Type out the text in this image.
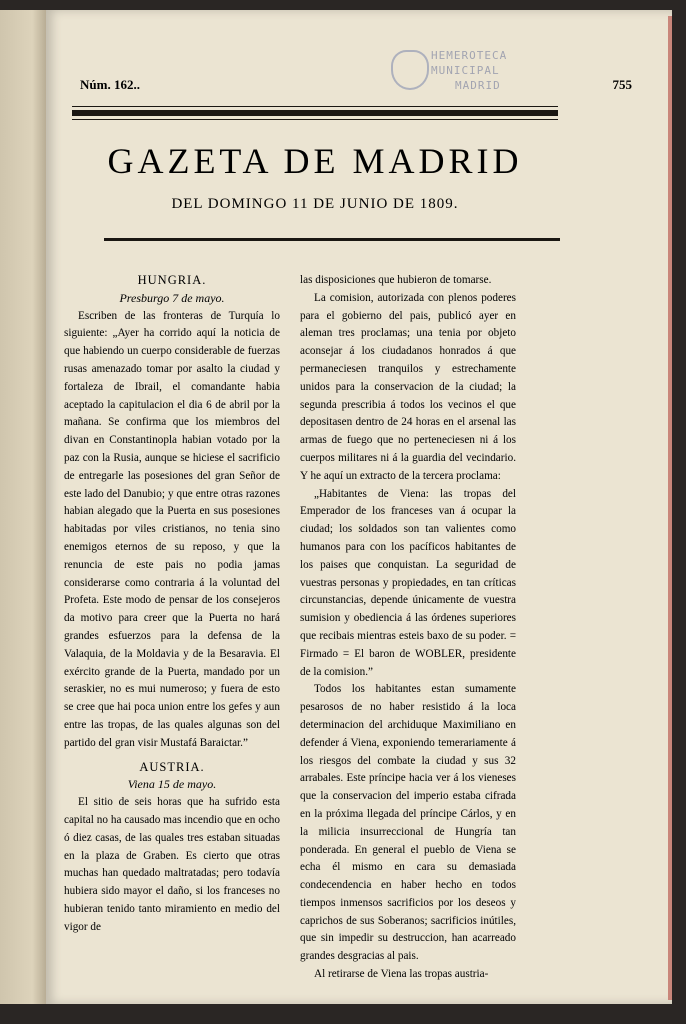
HEMEROTECA
MUNICIPAL
MADRID
Núm. 162..	755
GAZETA DE MADRID
DEL DOMINGO 11 DE JUNIO DE 1809.

HUNGRIA.

Presburgo 7 de mayo.

Escriben de las fronteras de Turquía lo siguiente: „Ayer ha corrido aquí la noticia de que habiendo un cuerpo considerable de fuerzas rusas amenazado tomar por asalto la ciudad y fortaleza de Ibrail, el comandante habia aceptado la capitulacion el dia 6 de abril por la mañana. Se confirma que los miembros del divan en Constantinopla habian votado por la paz con la Rusia, aunque se hiciese el sacrificio de entregarle las posesiones del gran Señor de este lado del Danubio; y que entre otras razones habian alegado que la Puerta en sus posesiones habitadas por viles cristianos, no tenia sino enemigos eternos de su reposo, y que la renuncia de este pais no podia jamas considerarse como contraria á la voluntad del Profeta. Este modo de pensar de los consejeros da motivo para creer que la Puerta no hará grandes esfuerzos para la defensa de la Valaquia, de la Moldavia y de la Besaravia. El exército grande de la Puerta, mandado por un seraskier, no es mui numeroso; y fuera de esto se cree que hai poca union entre los gefes y aun entre las tropas, de las quales algunas son del partido del gran visir Mustafá Baraictar.”

AUSTRIA.

Viena 15 de mayo.

El sitio de seis horas que ha sufrido esta capital no ha causado mas incendio que en ocho ó diez casas, de las quales tres estaban situadas en la plaza de Graben. Es cierto que otras muchas han quedado maltratadas; pero todavía hubiera sido mayor el daño, si los franceses no hubieran tenido tanto miramiento en medio del vigor de

las disposiciones que hubieron de tomarse.

La comision, autorizada con plenos poderes para el gobierno del pais, publicó ayer en aleman tres proclamas; una tenia por objeto aconsejar á los ciudadanos honrados á que permaneciesen tranquilos y estrechamente unidos para la conservacion de la ciudad; la segunda prescribia á todos los vecinos el que depositasen dentro de 24 horas en el arsenal las armas de fuego que no perteneciesen ni á los cuerpos militares ni á la guardia del vecindario. Y he aquí un extracto de la tercera proclama:

„Habitantes de Viena: las tropas del Emperador de los franceses van á ocupar la ciudad; los soldados son tan valientes como humanos para con los pacíficos habitantes de los paises que conquistan. La seguridad de vuestras personas y propiedades, en tan críticas circunstancias, depende únicamente de vuestra sumision y obediencia á las órdenes superiores que recibais mientras esteis baxo de su poder. = Firmado = El baron de WOBLER, presidente de la comision.”

Todos los habitantes estan sumamente pesarosos de no haber resistido á la loca determinacion del archiduque Maximiliano en defender á Viena, exponiendo temerariamente á los riesgos del combate la ciudad y sus 32 arrabales. Este príncipe hacia ver á los vieneses que la conservacion del imperio estaba cifrada en la próxima llegada del príncipe Cárlos, y en la milicia insurreccional de Hungría tan ponderada. En general el pueblo de Viena se echa él mismo en cara su demasiada condecendencia en haber hecho en todos tiempos inmensos sacrificios por los deseos y caprichos de sus Soberanos; sacrificios inútiles, que sin impedir su destruccion, han acarreado grandes desgracias al pais.

Al retirarse de Viena las tropas austria-
